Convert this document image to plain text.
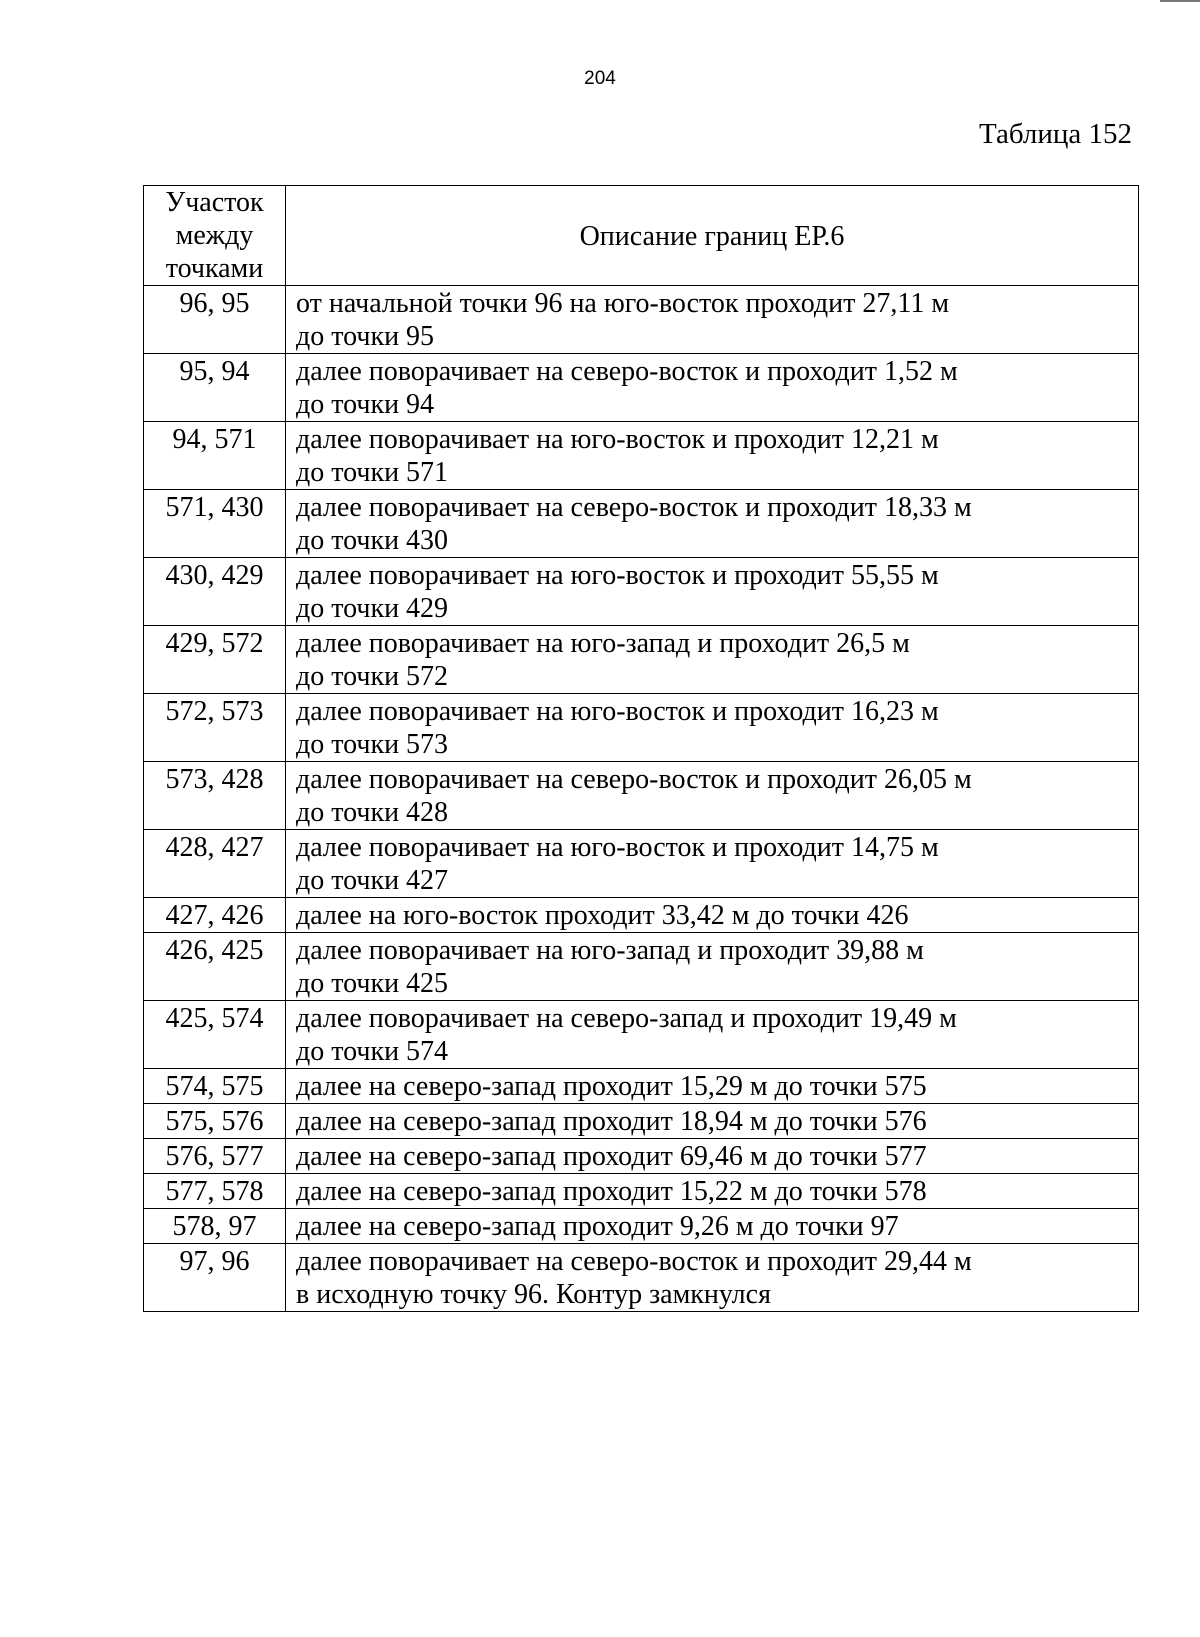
204
Таблица 152
Участок между точками	Описание границ ЕР.6
96, 95	от начальной точки 96 на юго-восток проходит 27,11 м
до точки 95

95, 94	далее поворачивает на северо-восток и проходит 1,52 м
до точки 94

94, 571	далее поворачивает на юго-восток и проходит 12,21 м
до точки 571

571, 430	далее поворачивает на северо-восток и проходит 18,33 м
до точки 430

430, 429	далее поворачивает на юго-восток и проходит 55,55 м
до точки 429

429, 572	далее поворачивает на юго-запад и проходит 26,5 м
до точки 572

572, 573	далее поворачивает на юго-восток и проходит 16,23 м
до точки 573

573, 428	далее поворачивает на северо-восток и проходит 26,05 м
до точки 428

428, 427	далее поворачивает на юго-восток и проходит 14,75 м
до точки 427

427, 426	далее на юго-восток проходит 33,42 м до точки 426

426, 425	далее поворачивает на юго-запад и проходит 39,88 м
до точки 425

425, 574	далее поворачивает на северо-запад и проходит 19,49 м
до точки 574

574, 575	далее на северо-запад проходит 15,29 м до точки 575

575, 576	далее на северо-запад проходит 18,94 м до точки 576

576, 577	далее на северо-запад проходит 69,46 м до точки 577

577, 578	далее на северо-запад проходит 15,22 м до точки 578

578, 97	далее на северо-запад проходит 9,26 м до точки 97

97, 96	далее поворачивает на северо-восток и проходит 29,44 м
в исходную точку 96. Контур замкнулся
